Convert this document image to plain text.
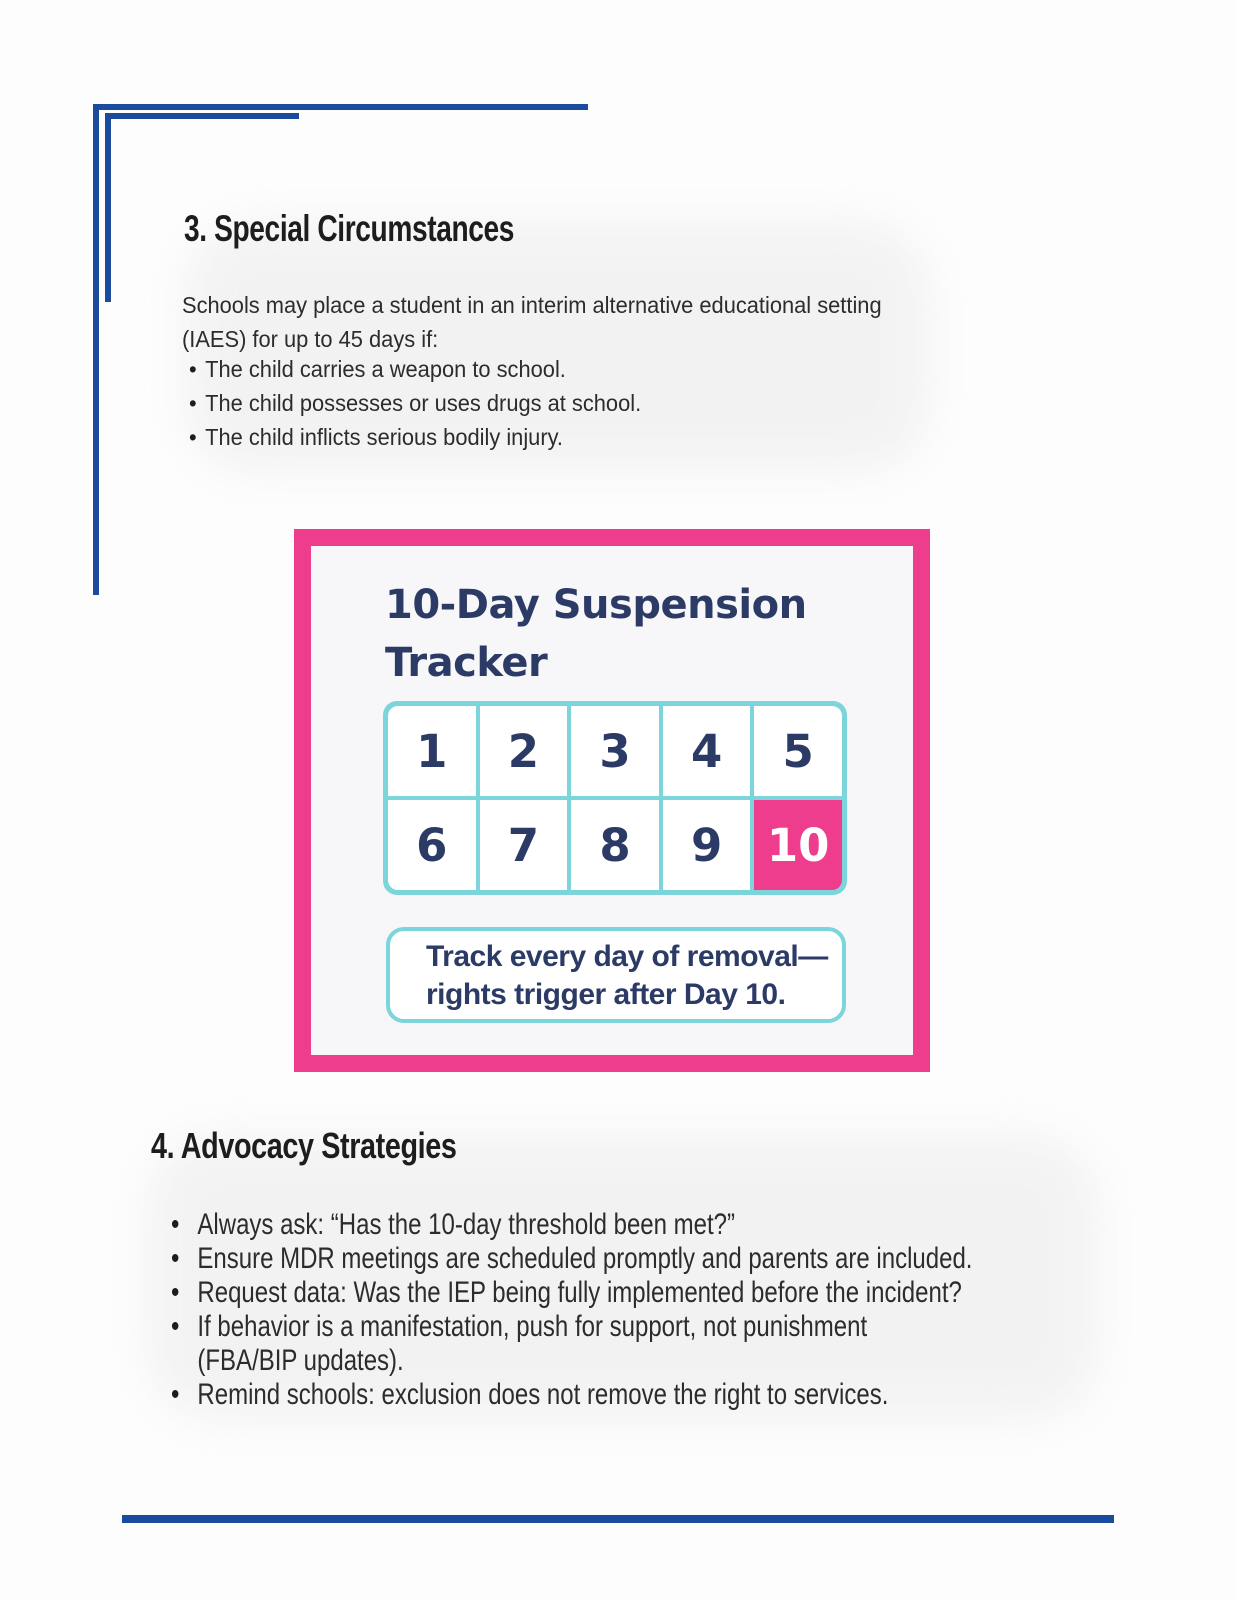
3. Special Circumstances

Schools may place a student in an interim alternative educational setting
(IAES) for up to 45 days if:

• The child carries a weapon to school.
• The child possesses or uses drugs at school.
• The child inflicts serious bodily injury.
10-Day Suspension
Tracker
1	2	3	4	5
6	7	8	9 10
Track every day of removal—
rights trigger after Day 10.
4. Advocacy Strategies
• Always ask: “Has the 10-day threshold been met?”
• Ensure MDR meetings are scheduled promptly and parents are included.
• Request data: Was the IEP being fully implemented before the incident?
• If behavior is a manifestation, push for support, not punishment
(FBA/BIP updates).
• Remind schools: exclusion does not remove the right to services.
